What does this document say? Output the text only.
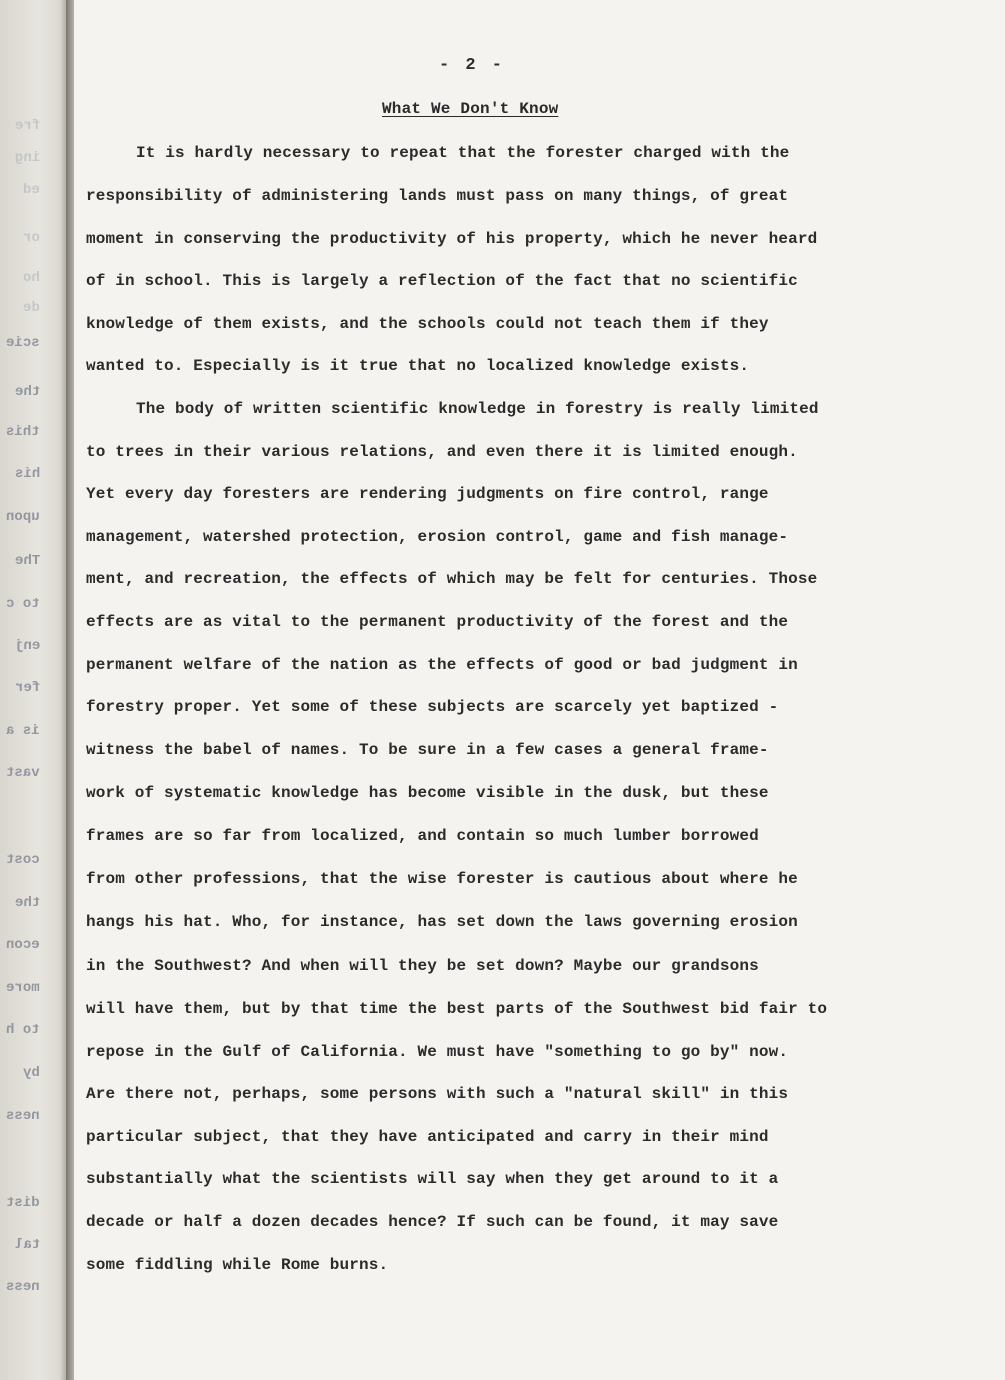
fre
ing
ed
or
ho
de
scie
the
this
his
upon
The
to c
enj
fer
is a
vast
cost
the
econ
more
to h
by
ness
dist
tal
ness
- 2 -
What We Don't Know
It is hardly necessary to repeat that the forester charged with the
responsibility of administering lands must pass on many things, of great
moment in conserving the productivity of his property, which he never heard
of in school. This is largely a reflection of the fact that no scientific
knowledge of them exists, and the schools could not teach them if they
wanted to. Especially is it true that no localized knowledge exists.
The body of written scientific knowledge in forestry is really limited
to trees in their various relations, and even there it is limited enough.
Yet every day foresters are rendering judgments on fire control, range
management, watershed protection, erosion control, game and fish manage-
ment, and recreation, the effects of which may be felt for centuries. Those
effects are as vital to the permanent productivity of the forest and the
permanent welfare of the nation as the effects of good or bad judgment in
forestry proper. Yet some of these subjects are scarcely yet baptized -
witness the babel of names. To be sure in a few cases a general frame-
work of systematic knowledge has become visible in the dusk, but these
frames are so far from localized, and contain so much lumber borrowed
from other professions, that the wise forester is cautious about where he
hangs his hat. Who, for instance, has set down the laws governing erosion
in the Southwest? And when will they be set down? Maybe our grandsons
will have them, but by that time the best parts of the Southwest bid fair to
repose in the Gulf of California. We must have "something to go by" now.
Are there not, perhaps, some persons with such a "natural skill" in this
particular subject, that they have anticipated and carry in their mind
substantially what the scientists will say when they get around to it a
decade or half a dozen decades hence? If such can be found, it may save
some fiddling while Rome burns.
